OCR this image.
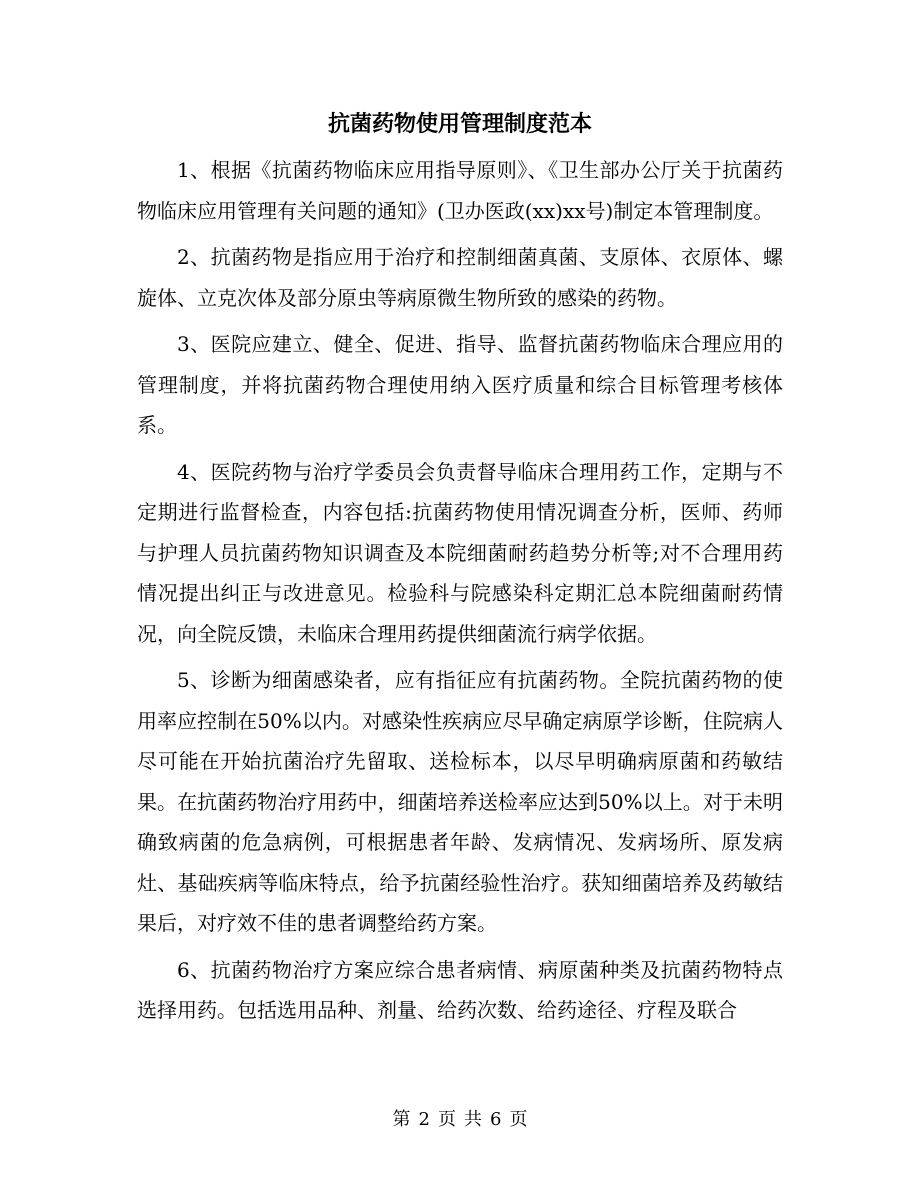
抗菌药物使用管理制度范本

1、根据《抗菌药物临床应用指导原则》、《卫生部办公厅关于抗菌药物临床应用管理有关问题的通知》(卫办医政(xx)xx号)制定本管理制度。

2、抗菌药物是指应用于治疗和控制细菌真菌、支原体、衣原体、螺旋体、立克次体及部分原虫等病原微生物所致的感染的药物。

3、医院应建立、健全、促进、指导、监督抗菌药物临床合理应用的管理制度，并将抗菌药物合理使用纳入医疗质量和综合目标管理考核体系。

4、医院药物与治疗学委员会负责督导临床合理用药工作，定期与不定期进行监督检查，内容包括:抗菌药物使用情况调查分析，医师、药师与护理人员抗菌药物知识调查及本院细菌耐药趋势分析等;对不合理用药情况提出纠正与改进意见。检验科与院感染科定期汇总本院细菌耐药情况，向全院反馈，未临床合理用药提供细菌流行病学依据。

5、诊断为细菌感染者，应有指征应有抗菌药物。全院抗菌药物的使用率应控制在50%以内。对感染性疾病应尽早确定病原学诊断，住院病人尽可能在开始抗菌治疗先留取、送检标本，以尽早明确病原菌和药敏结果。在抗菌药物治疗用药中，细菌培养送检率应达到50%以上。对于未明确致病菌的危急病例，可根据患者年龄、发病情况、发病场所、原发病灶、基础疾病等临床特点，给予抗菌经验性治疗。获知细菌培养及药敏结果后，对疗效不佳的患者调整给药方案。

6、抗菌药物治疗方案应综合患者病情、病原菌种类及抗菌药物特点选择用药。包括选用品种、剂量、给药次数、给药途径、疗程及联合

第 2 页 共 6 页
